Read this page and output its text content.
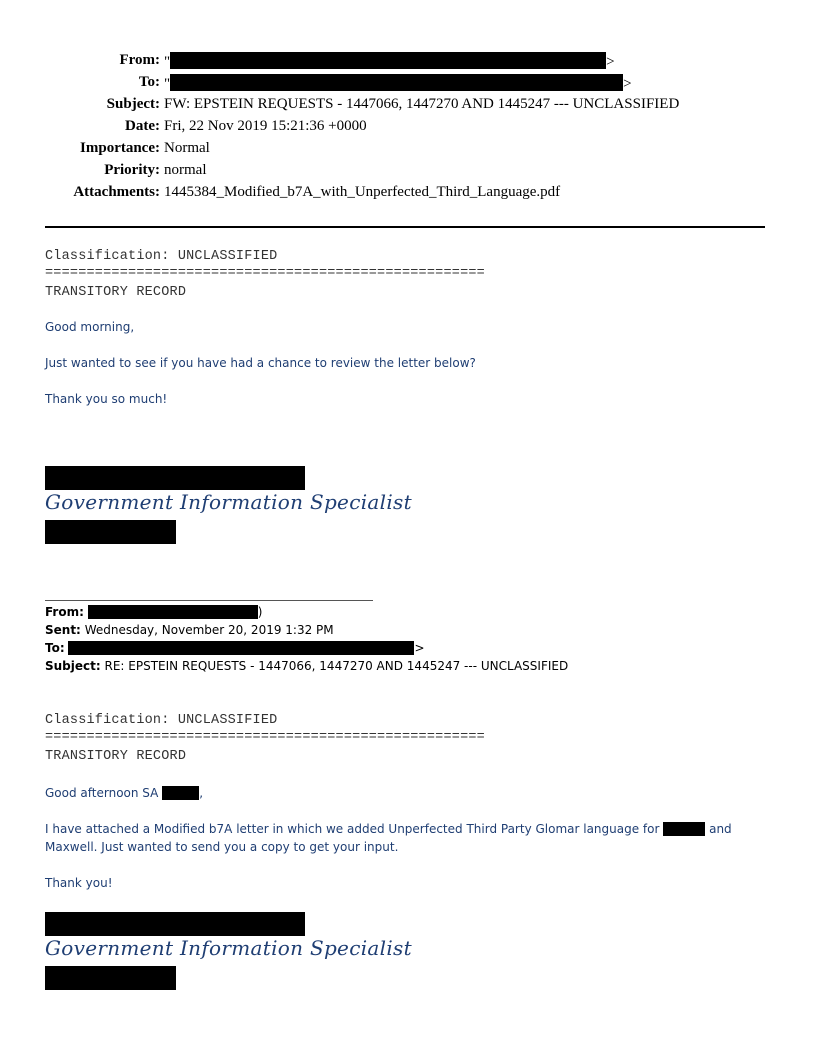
From: "	>
To: "	>
Subject: FW: EPSTEIN REQUESTS - 1447066, 1447270 AND 1445247 --- UNCLASSIFIED
Date: Fri, 22 Nov 2019 15:21:36 +0000
Importance: Normal
Priority: normal
Attachments: 1445384_Modified_b7A_with_Unperfected_Third_Language.pdf
Classification: UNCLASSIFIED
=====================================================
TRANSITORY RECORD
Good morning,
Just wanted to see if you have had a chance to review the letter below?
Thank you so much!
Government Information Specialist
From:	)
Sent: Wednesday, November 20, 2019 1:32 PM
To:	>
Subject: RE: EPSTEIN REQUESTS - 1447066, 1447270 AND 1445247 --- UNCLASSIFIED
Classification: UNCLASSIFIED
=====================================================
TRANSITORY RECORD
Good afternoon SA	,
I have attached a Modified b7A letter in which we added Unperfected Third Party Glomar language for	and Maxwell. Just wanted to send you a copy to get your input.
Thank you!
Government Information Specialist
